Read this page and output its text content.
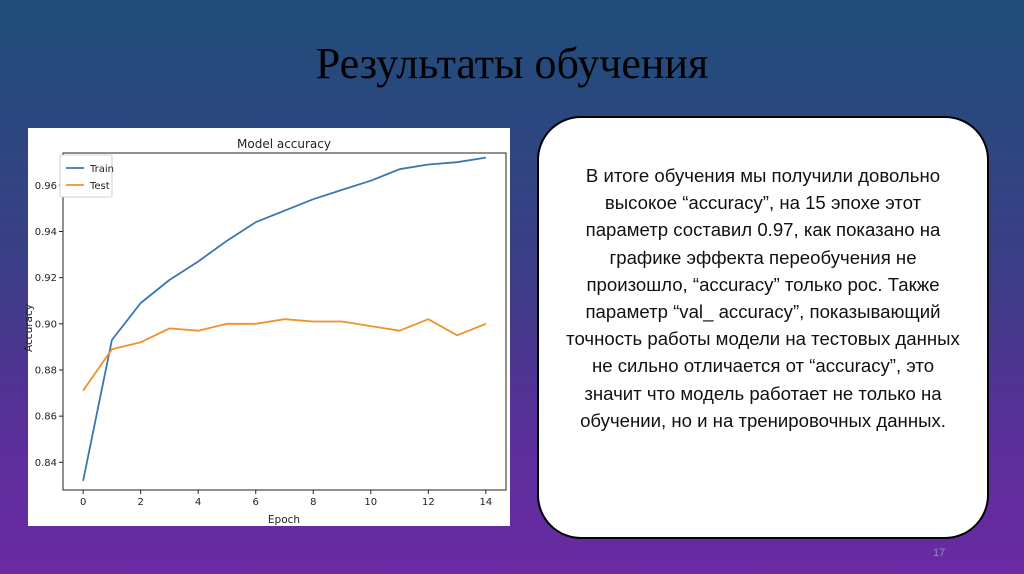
Результаты обучения
Model accuracy
Epoch
Accuracy
0	2	4	6	8	10	12	14
0.84
0.86
0.88
0.90
0.92
0.94
0.96
Train
Test

В итоге обучения мы получили довольно высокое “accuracy”, на 15 эпохе этот параметр составил 0.97, как показано на графике эффекта переобучения не произошло, “accuracy” только рос. Также параметр “val_ accuracy”, показывающий точность работы модели на тестовых данных не сильно отличается от “accuracy”, это значит что модель работает не только на обучении, но и на тренировочных данных.

17
